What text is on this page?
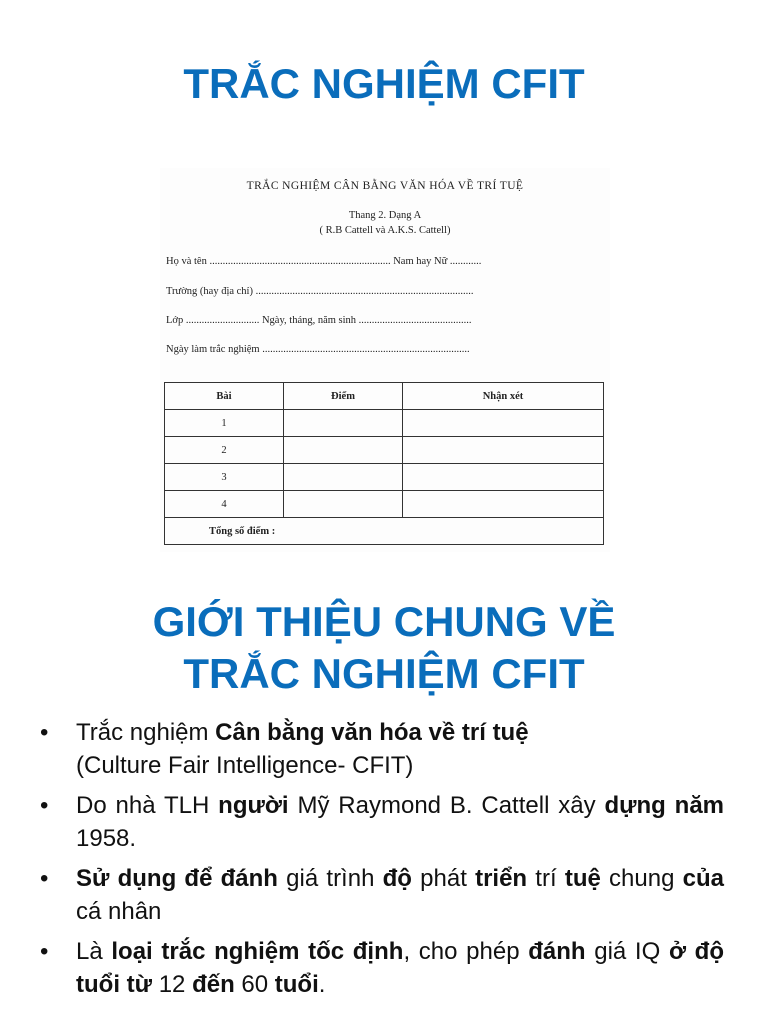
TRẮC NGHIỆM CFIT
TRẮC NGHIỆM CÂN BẰNG VĂN HÓA VỀ TRÍ TUỆ
Thang 2. Dạng A
( R.B Cattell và A.K.S. Cattell)
Họ và tên ..................................................................... Nam hay Nữ ............
Trường (hay địa chỉ) ...................................................................................
Lớp ............................ Ngày, tháng, năm sinh ...........................................
Ngày làm trắc nghiệm ...............................................................................
Bài	Điểm	Nhận xét
1		
2		
3		
4		
Tổng số điểm :		
GIỚI THIỆU CHUNG VỀ
TRẮC NGHIỆM CFIT
• Trắc nghiệm Cân bằng văn hóa về trí tuệ
(Culture Fair Intelligence- CFIT)
• Do nhà TLH người Mỹ Raymond B. Cattell xây dựng năm 1958.
• Sử dụng để đánh giá trình độ phát triển trí tuệ chung của cá nhân
• Là loại trắc nghiệm tốc định, cho phép đánh giá IQ ở độ tuổi từ 12 đến 60 tuổi.
